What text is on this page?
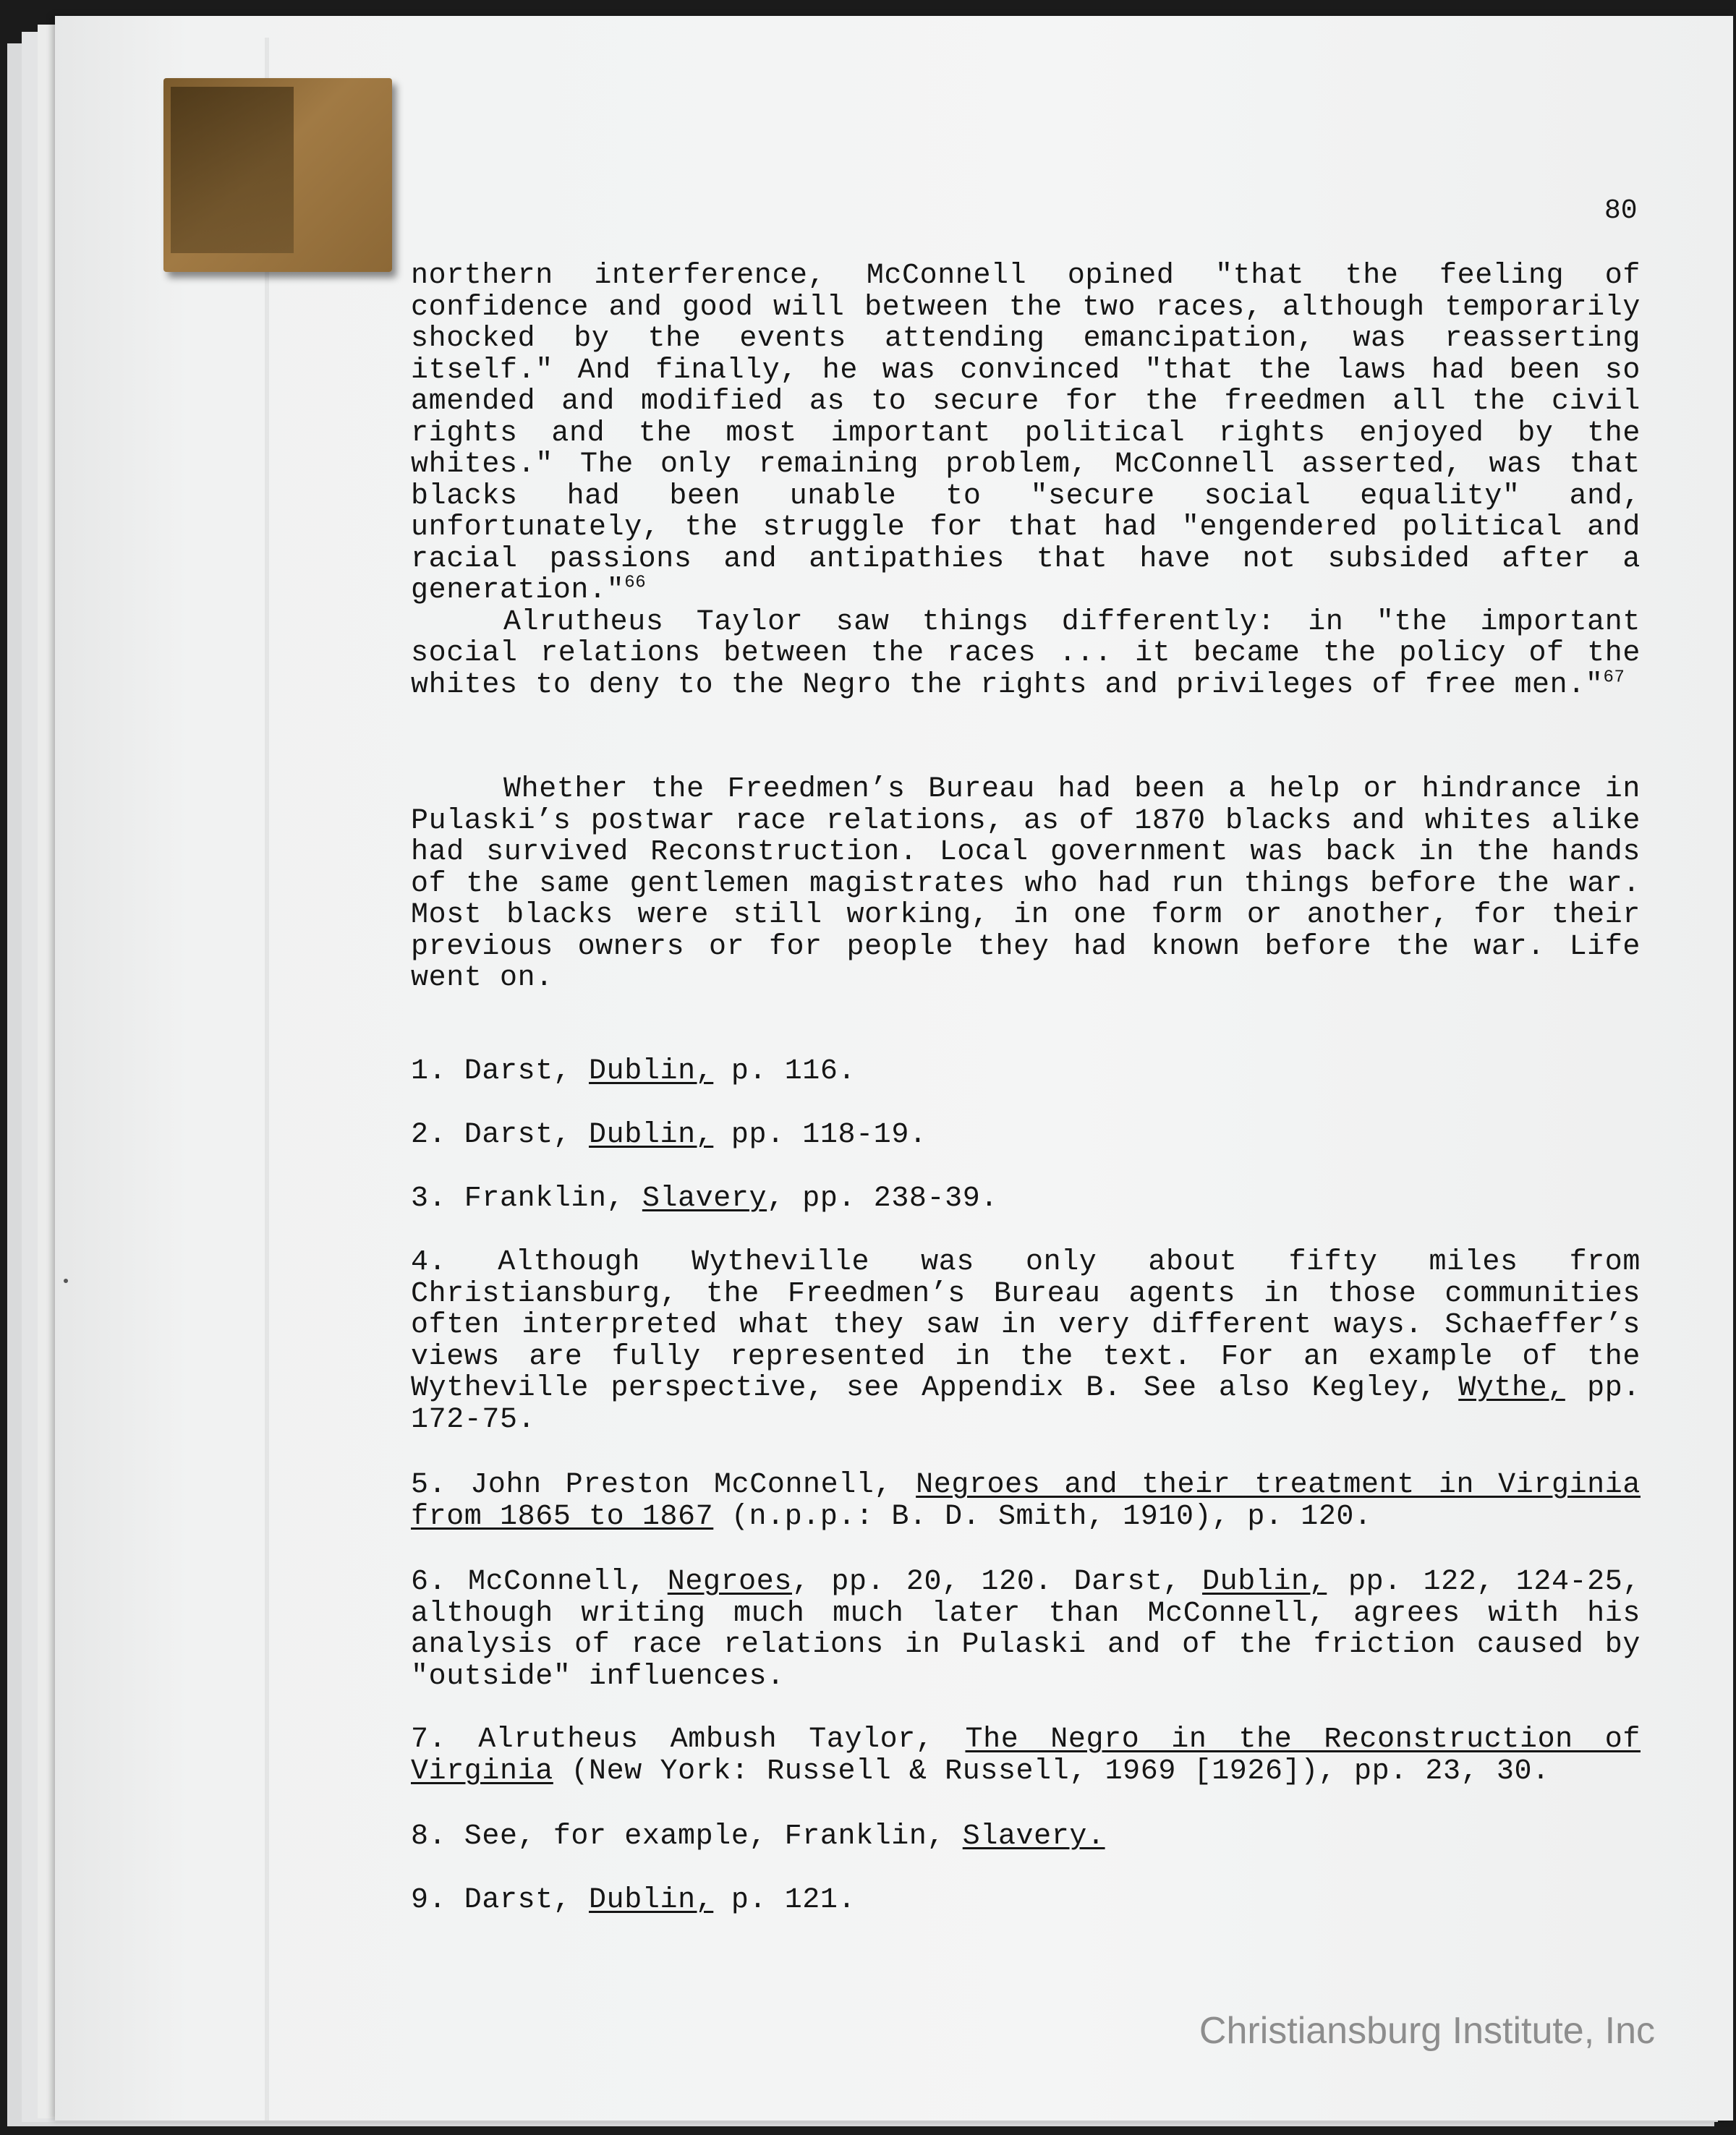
80

northern interference, McConnell opined "that the feeling of confidence and good will between the two races, although temporarily shocked by the events attending emancipation, was reasserting itself." And finally, he was convinced "that the laws had been so amended and modified as to secure for the freedmen all the civil rights and the most important political rights enjoyed by the whites." The only remaining problem, McConnell asserted, was that blacks had been unable to "secure social equality" and, unfortunately, the struggle for that had "engendered political and racial passions and antipathies that have not subsided after a generation."$^{66}$

Alrutheus Taylor saw things differently: in "the important social relations between the races ... it became the policy of the whites to deny to the Negro the rights and privileges of free men."$^{67}$

Whether the Freedmen’s Bureau had been a help or hindrance in Pulaski’s postwar race relations, as of 1870 blacks and whites alike had survived Reconstruction. Local government was back in the hands of the same gentlemen magistrates who had run things before the war. Most blacks were still working, in one form or another, for their previous owners or for people they had known before the war. Life went on.

1. Darst, Dublin, p. 116.
2. Darst, Dublin, pp. 118-19.
3. Franklin, Slavery, pp. 238-39.
4. Although Wytheville was only about fifty miles from Christiansburg, the Freedmen’s Bureau agents in those communities often interpreted what they saw in very different ways. Schaeffer’s views are fully represented in the text. For an example of the Wytheville perspective, see Appendix B. See also Kegley, Wythe, pp. 172-75.
5. John Preston McConnell, Negroes and their treatment in Virginia from 1865 to 1867 (n.p.p.: B. D. Smith, 1910), p. 120.
6. McConnell, Negroes, pp. 20, 120. Darst, Dublin, pp. 122, 124-25, although writing much much later than McConnell, agrees with his analysis of race relations in Pulaski and of the friction caused by "outside" influences.
7. Alrutheus Ambush Taylor, The Negro in the Reconstruction of Virginia (New York: Russell & Russell, 1969 [1926]), pp. 23, 30.
8. See, for example, Franklin, Slavery.
9. Darst, Dublin, p. 121.
Christiansburg Institute, Inc
